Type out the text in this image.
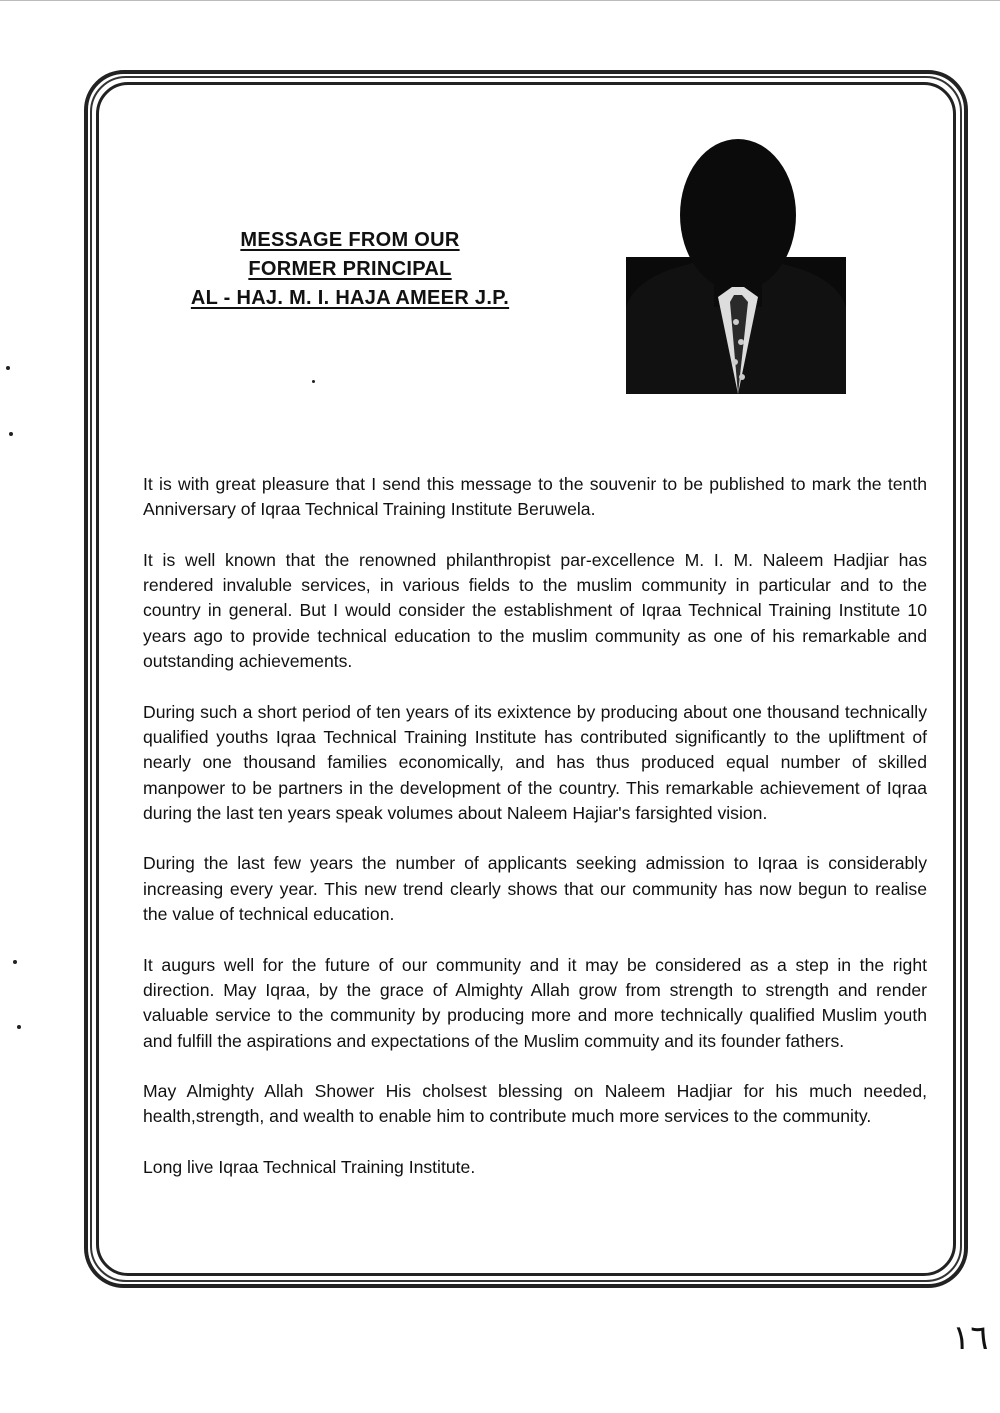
MESSAGE FROM OUR
FORMER PRINCIPAL
AL - HAJ. M. I. HAJA AMEER J.P.

It is with great pleasure that I send this message to the souvenir to be published to mark the tenth Anniversary of Iqraa Technical Training Institute Beruwela.

It is well known that the renowned philanthropist par-excellence M. I. M. Naleem Hadjiar has rendered invaluble services, in various fields to the muslim community in particular and to the country in general. But I would consider the establishment of Iqraa Technical Training Institute 10 years ago to provide technical education to the muslim community as one of his remarkable and outstanding achievements.

During such a short period of ten years of its exixtence by producing about one thousand technically qualified youths Iqraa Technical Training Institute has contributed significantly to the upliftment of nearly one thousand families economically, and has thus produced equal number of skilled manpower to be partners in the development of the country. This remarkable achievement of Iqraa during the last ten years speak volumes about Naleem Hajiar's farsighted vision.

During the last few years the number of applicants seeking admission to Iqraa is considerably increasing every year. This new trend clearly shows that our community has now begun to realise the value of technical education.

It augurs well for the future of our community and it may be considered as a step in the right direction. May Iqraa, by the grace of Almighty Allah grow from strength to strength and render valuable service to the community by producing more and more technically qualified Muslim youth and fulfill the aspirations and expectations of the Muslim commuity and its founder fathers.

May Almighty Allah Shower His cholsest blessing on Naleem Hadjiar for his much needed, health,strength, and wealth to enable him to contribute much more services to the community.

Long live Iqraa Technical Training Institute.

١٦
